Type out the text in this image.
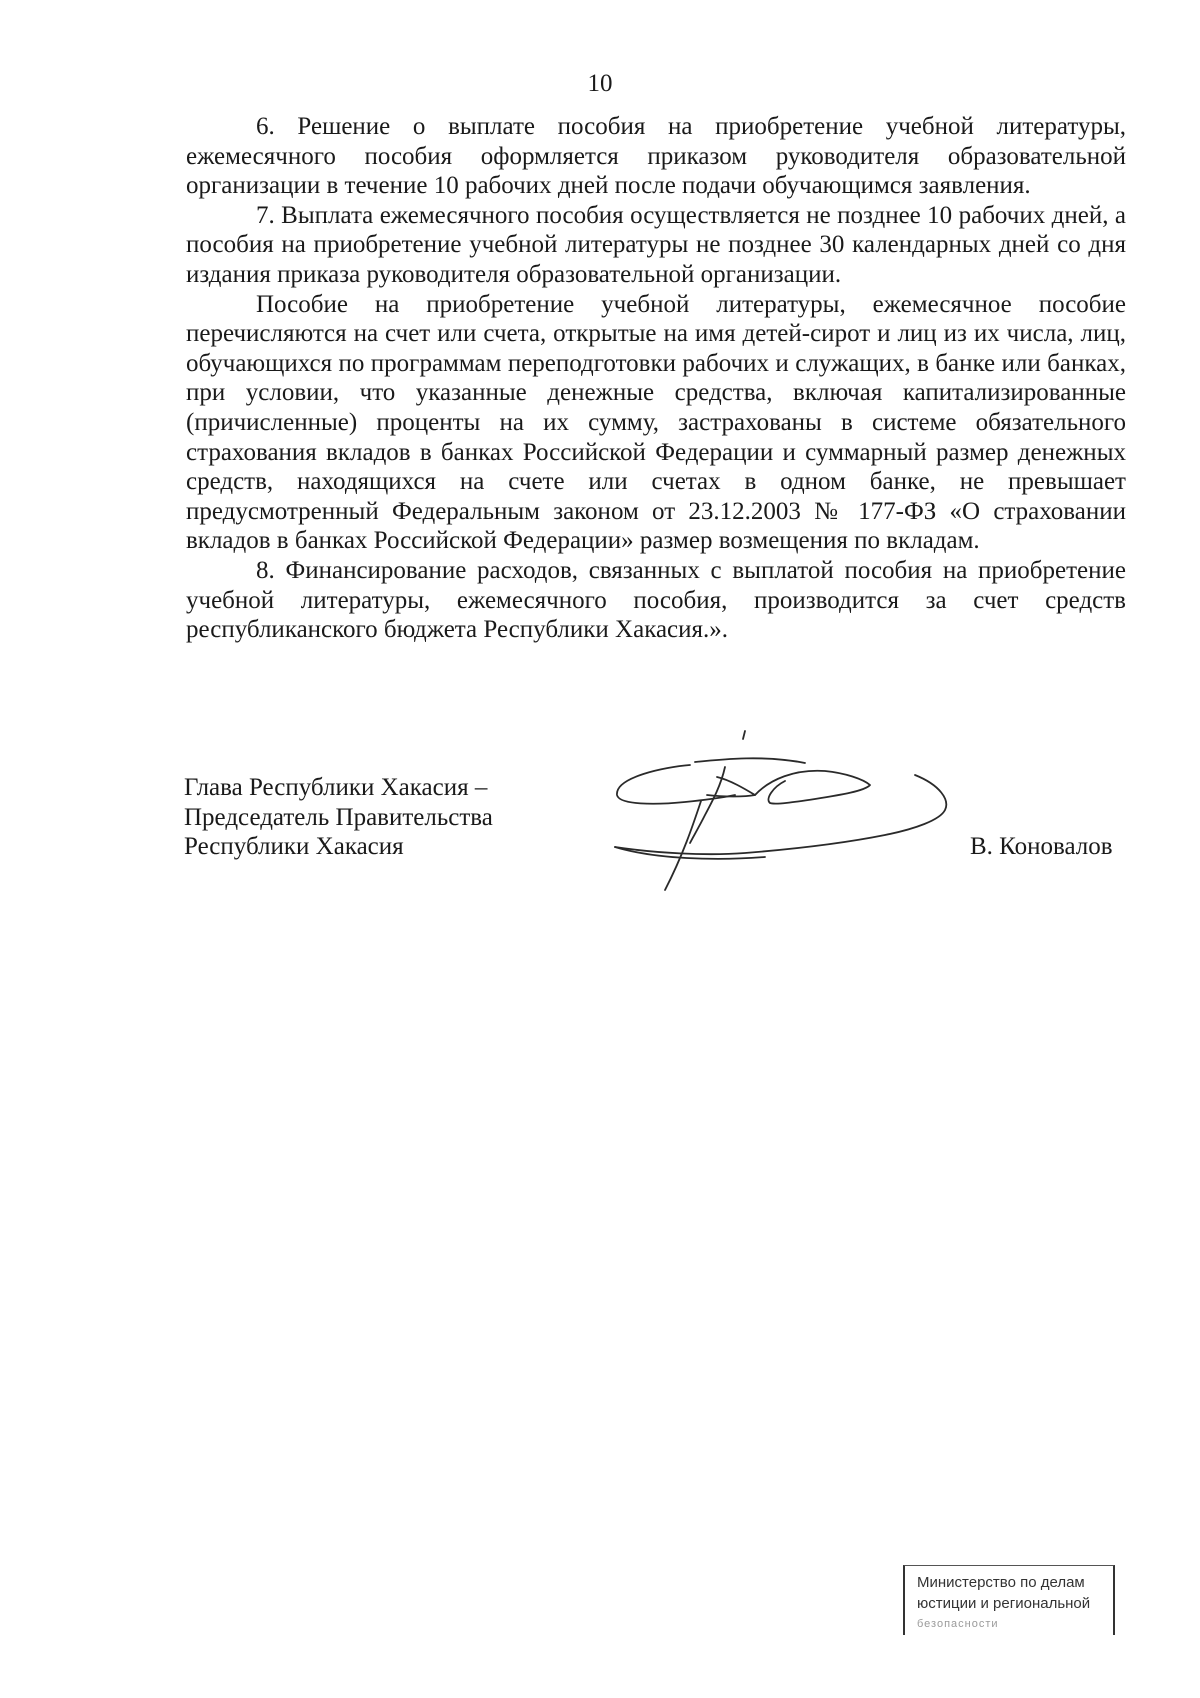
10

6. Решение о выплате пособия на приобретение учебной литературы, ежемесячного пособия оформляется приказом руководителя образовательной организации в течение 10 рабочих дней после подачи обучающимся заявления.

7. Выплата ежемесячного пособия осуществляется не позднее 10 рабочих дней, а пособия на приобретение учебной литературы не позднее 30 календарных дней со дня издания приказа руководителя образовательной организации.

Пособие на приобретение учебной литературы, ежемесячное пособие перечисляются на счет или счета, открытые на имя детей-сирот и лиц из их числа, лиц, обучающихся по программам переподготовки рабочих и служащих, в банке или банках, при условии, что указанные денежные средства, включая капитализированные (причисленные) проценты на их сумму, застрахованы в системе обязательного страхования вкладов в банках Российской Федерации и суммарный размер денежных средств, находящихся на счете или счетах в одном банке, не превышает предусмотренный Федеральным законом от 23.12.2003 № 177-ФЗ «О страховании вкладов в банках Российской Федерации» размер возмещения по вкладам.

8. Финансирование расходов, связанных с выплатой пособия на приобретение учебной литературы, ежемесячного пособия, производится за счет средств республиканского бюджета Республики Хакасия.».

Глава Республики Хакасия –
Председатель Правительства
Республики Хакасия	В. Коновалов
Министерство по делам
юстиции и региональной
безопасности
